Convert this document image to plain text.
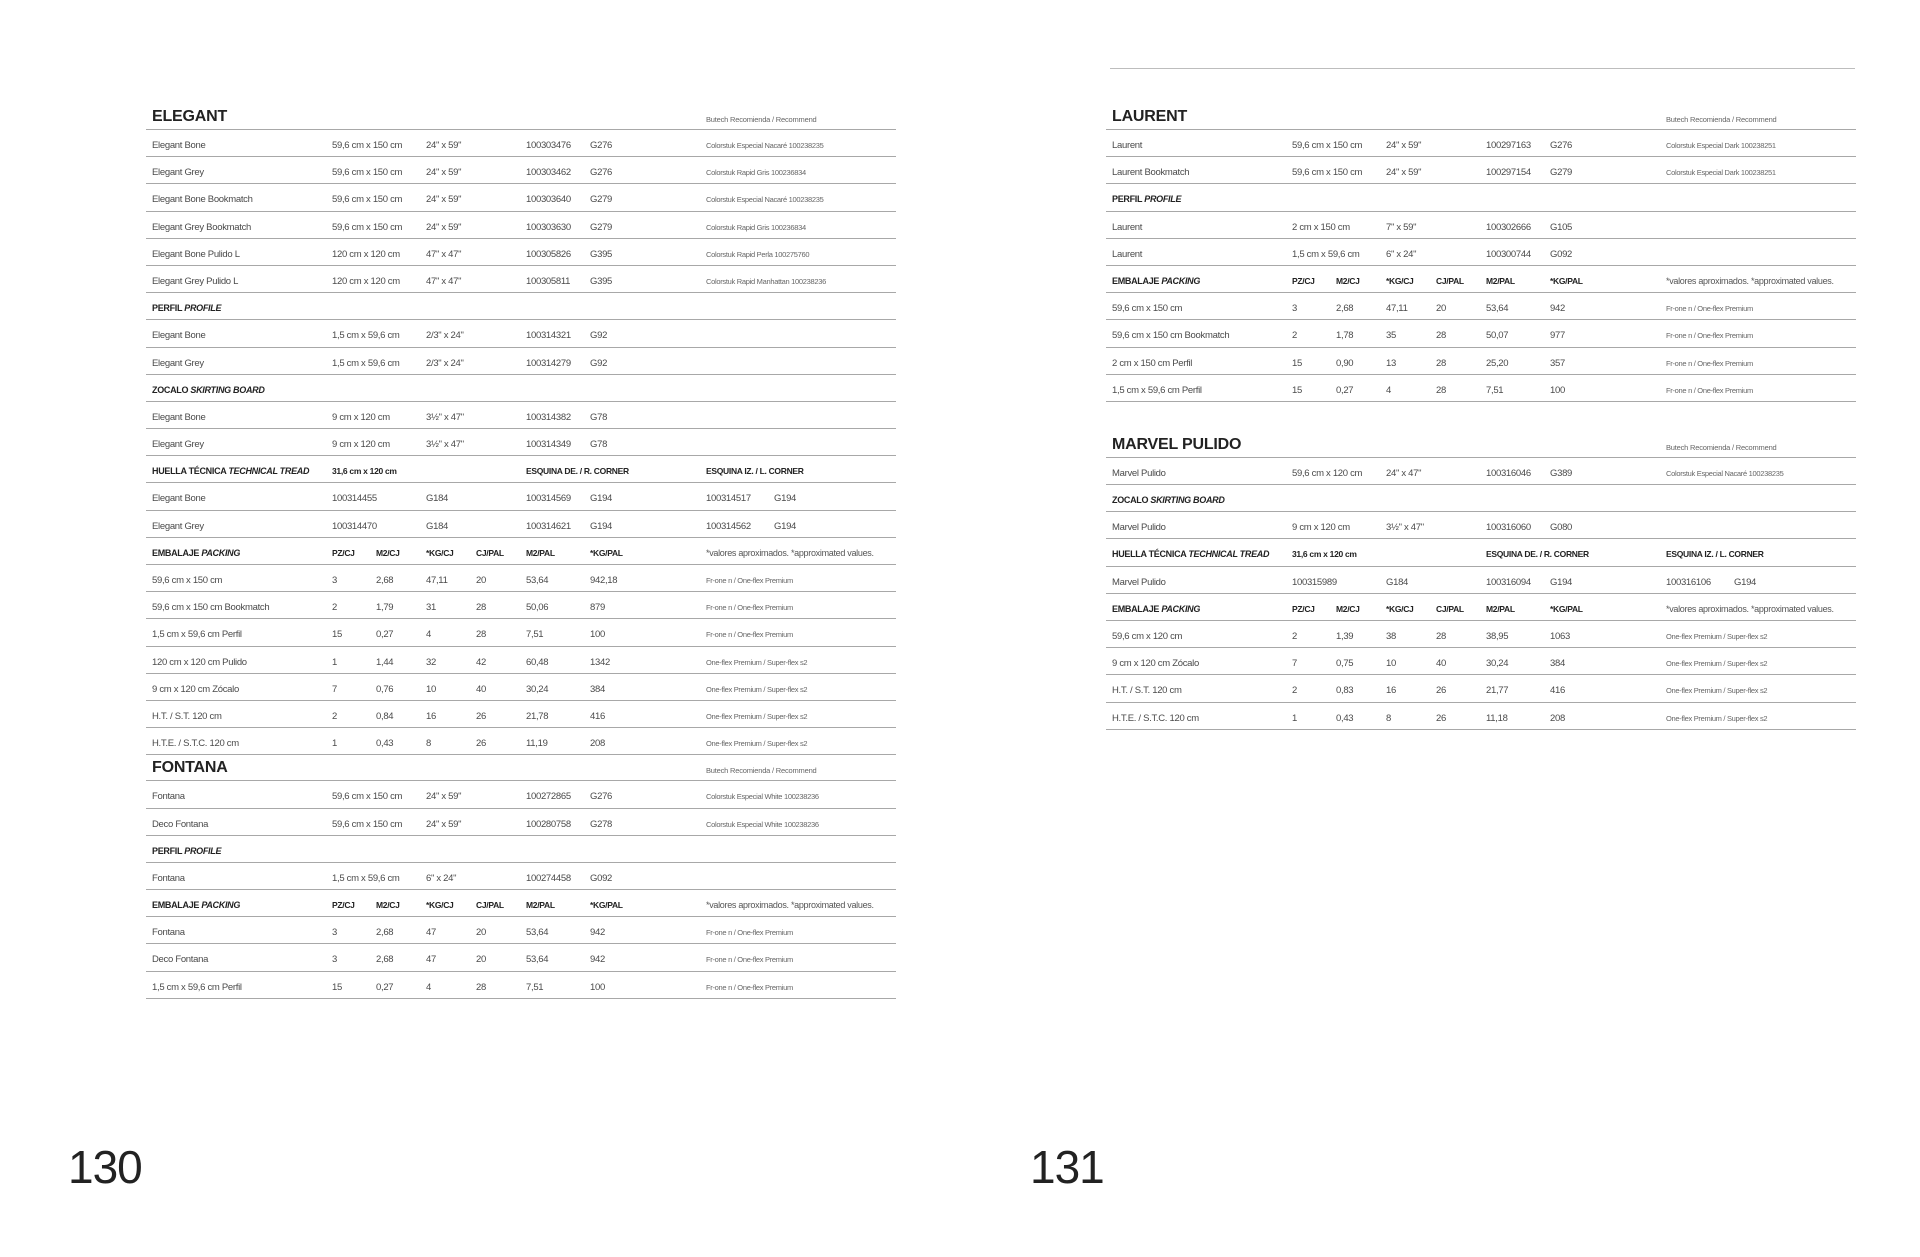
ELEGANT	Butech Recomienda / Recommend
Elegant Bone	59,6 cm x 150 cm	24" x 59"	100303476 G276	Colorstuk Especial Nacaré 100238235
Elegant Grey	59,6 cm x 150 cm	24" x 59"	100303462 G276	Colorstuk Rapid Gris 100236834
Elegant Bone Bookmatch	59,6 cm x 150 cm	24" x 59"	100303640 G279	Colorstuk Especial Nacaré 100238235
Elegant Grey Bookmatch	59,6 cm x 150 cm	24" x 59"	100303630 G279	Colorstuk Rapid Gris 100236834
Elegant Bone Pulido L	120 cm x 120 cm	47" x 47"	100305826 G395	Colorstuk Rapid Perla 100275760
Elegant Grey Pulido L	120 cm x 120 cm	47" x 47"	100305811 G395	Colorstuk Rapid Manhattan 100238236
PERFIL PROFILE
Elegant Bone	1,5 cm x 59,6 cm	2/3" x 24"	100314321 G92
Elegant Grey	1,5 cm x 59,6 cm	2/3" x 24"	100314279 G92
ZOCALO SKIRTING BOARD
Elegant Bone	9 cm x 120 cm	3½" x 47"	100314382 G78
Elegant Grey	9 cm x 120 cm	3½" x 47"	100314349 G78
HUELLA TÉCNICA TECHNICAL TREAD	31,6 cm x 120 cm	ESQUINA DE. / R. CORNER	ESQUINA IZ. / L. CORNER
Elegant Bone	100314455	G184	100314569 G194	100314517 G194
Elegant Grey	100314470	G184	100314621 G194	100314562 G194
EMBALAJE PACKING	PZ/CJ	M2/CJ	*KG/CJ	CJ/PAL	M2/PAL	*KG/PAL	*valores aproximados. *approximated values.
59,6 cm x 150 cm	3	2,68	47,11	20	53,64	942,18	Fr-one n / One-flex Premium
59,6 cm x 150 cm Bookmatch	2	1,79	31	28	50,06	879	Fr-one n / One-flex Premium
1,5 cm x 59,6 cm Perfil	15	0,27	4	28	7,51	100	Fr-one n / One-flex Premium
120 cm x 120 cm Pulido	1	1,44	32	42	60,48	1342	One-flex Premium / Super-flex s2
9 cm x 120 cm Zócalo	7	0,76	10	40	30,24	384	One-flex Premium / Super-flex s2
H.T. / S.T. 120 cm	2	0,84	16	26	21,78	416	One-flex Premium / Super-flex s2
H.T.E. / S.T.C. 120 cm	1	0,43	8	26	11,19	208	One-flex Premium / Super-flex s2
FONTANA	Butech Recomienda / Recommend
Fontana	59,6 cm x 150 cm	24" x 59"	100272865 G276	Colorstuk Especial White 100238236
Deco Fontana	59,6 cm x 150 cm	24" x 59"	100280758 G278	Colorstuk Especial White 100238236
PERFIL PROFILE
Fontana	1,5 cm x 59,6 cm	6" x 24"	100274458 G092
EMBALAJE PACKING	PZ/CJ	M2/CJ	*KG/CJ	CJ/PAL	M2/PAL	*KG/PAL	*valores aproximados. *approximated values.
Fontana	3	2,68	47	20	53,64	942	Fr-one n / One-flex Premium
Deco Fontana	3	2,68	47	20	53,64	942	Fr-one n / One-flex Premium
1,5 cm x 59,6 cm Perfil	15	0,27	4	28	7,51	100	Fr-one n / One-flex Premium
130
LAURENT	Butech Recomienda / Recommend
Laurent	59,6 cm x 150 cm	24" x 59"	100297163 G276	Colorstuk Especial Dark 100238251
Laurent Bookmatch	59,6 cm x 150 cm	24" x 59"	100297154 G279	Colorstuk Especial Dark 100238251
PERFIL PROFILE
Laurent	2 cm x 150 cm	7" x 59"	100302666 G105
Laurent	1,5 cm x 59,6 cm	6" x 24"	100300744 G092
EMBALAJE PACKING	PZ/CJ	M2/CJ	*KG/CJ	CJ/PAL	M2/PAL	*KG/PAL	*valores aproximados. *approximated values.
59,6 cm x 150 cm	3	2,68	47,11	20	53,64	942	Fr-one n / One-flex Premium
59,6 cm x 150 cm Bookmatch	2	1,78	35	28	50,07	977	Fr-one n / One-flex Premium
2 cm x 150 cm Perfil	15	0,90	13	28	25,20	357	Fr-one n / One-flex Premium
1,5 cm x 59,6 cm Perfil	15	0,27	4	28	7,51	100	Fr-one n / One-flex Premium
MARVEL PULIDO	Butech Recomienda / Recommend
Marvel Pulido	59,6 cm x 120 cm	24" x 47"	100316046 G389	Colorstuk Especial Nacaré 100238235
ZOCALO SKIRTING BOARD
Marvel Pulido	9 cm x 120 cm	3½" x 47"	100316060 G080
HUELLA TÉCNICA TECHNICAL TREAD	31,6 cm x 120 cm	ESQUINA DE. / R. CORNER	ESQUINA IZ. / L. CORNER
Marvel Pulido	100315989	G184	100316094 G194	100316106 G194
EMBALAJE PACKING	PZ/CJ	M2/CJ	*KG/CJ	CJ/PAL	M2/PAL	*KG/PAL	*valores aproximados. *approximated values.
59,6 cm x 120 cm	2	1,39	38	28	38,95	1063	One-flex Premium / Super-flex s2
9 cm x 120 cm Zócalo	7	0,75	10	40	30,24	384	One-flex Premium / Super-flex s2
H.T. / S.T. 120 cm	2	0,83	16	26	21,77	416	One-flex Premium / Super-flex s2
H.T.E. / S.T.C. 120 cm	1	0,43	8	26	11,18	208	One-flex Premium / Super-flex s2
131
